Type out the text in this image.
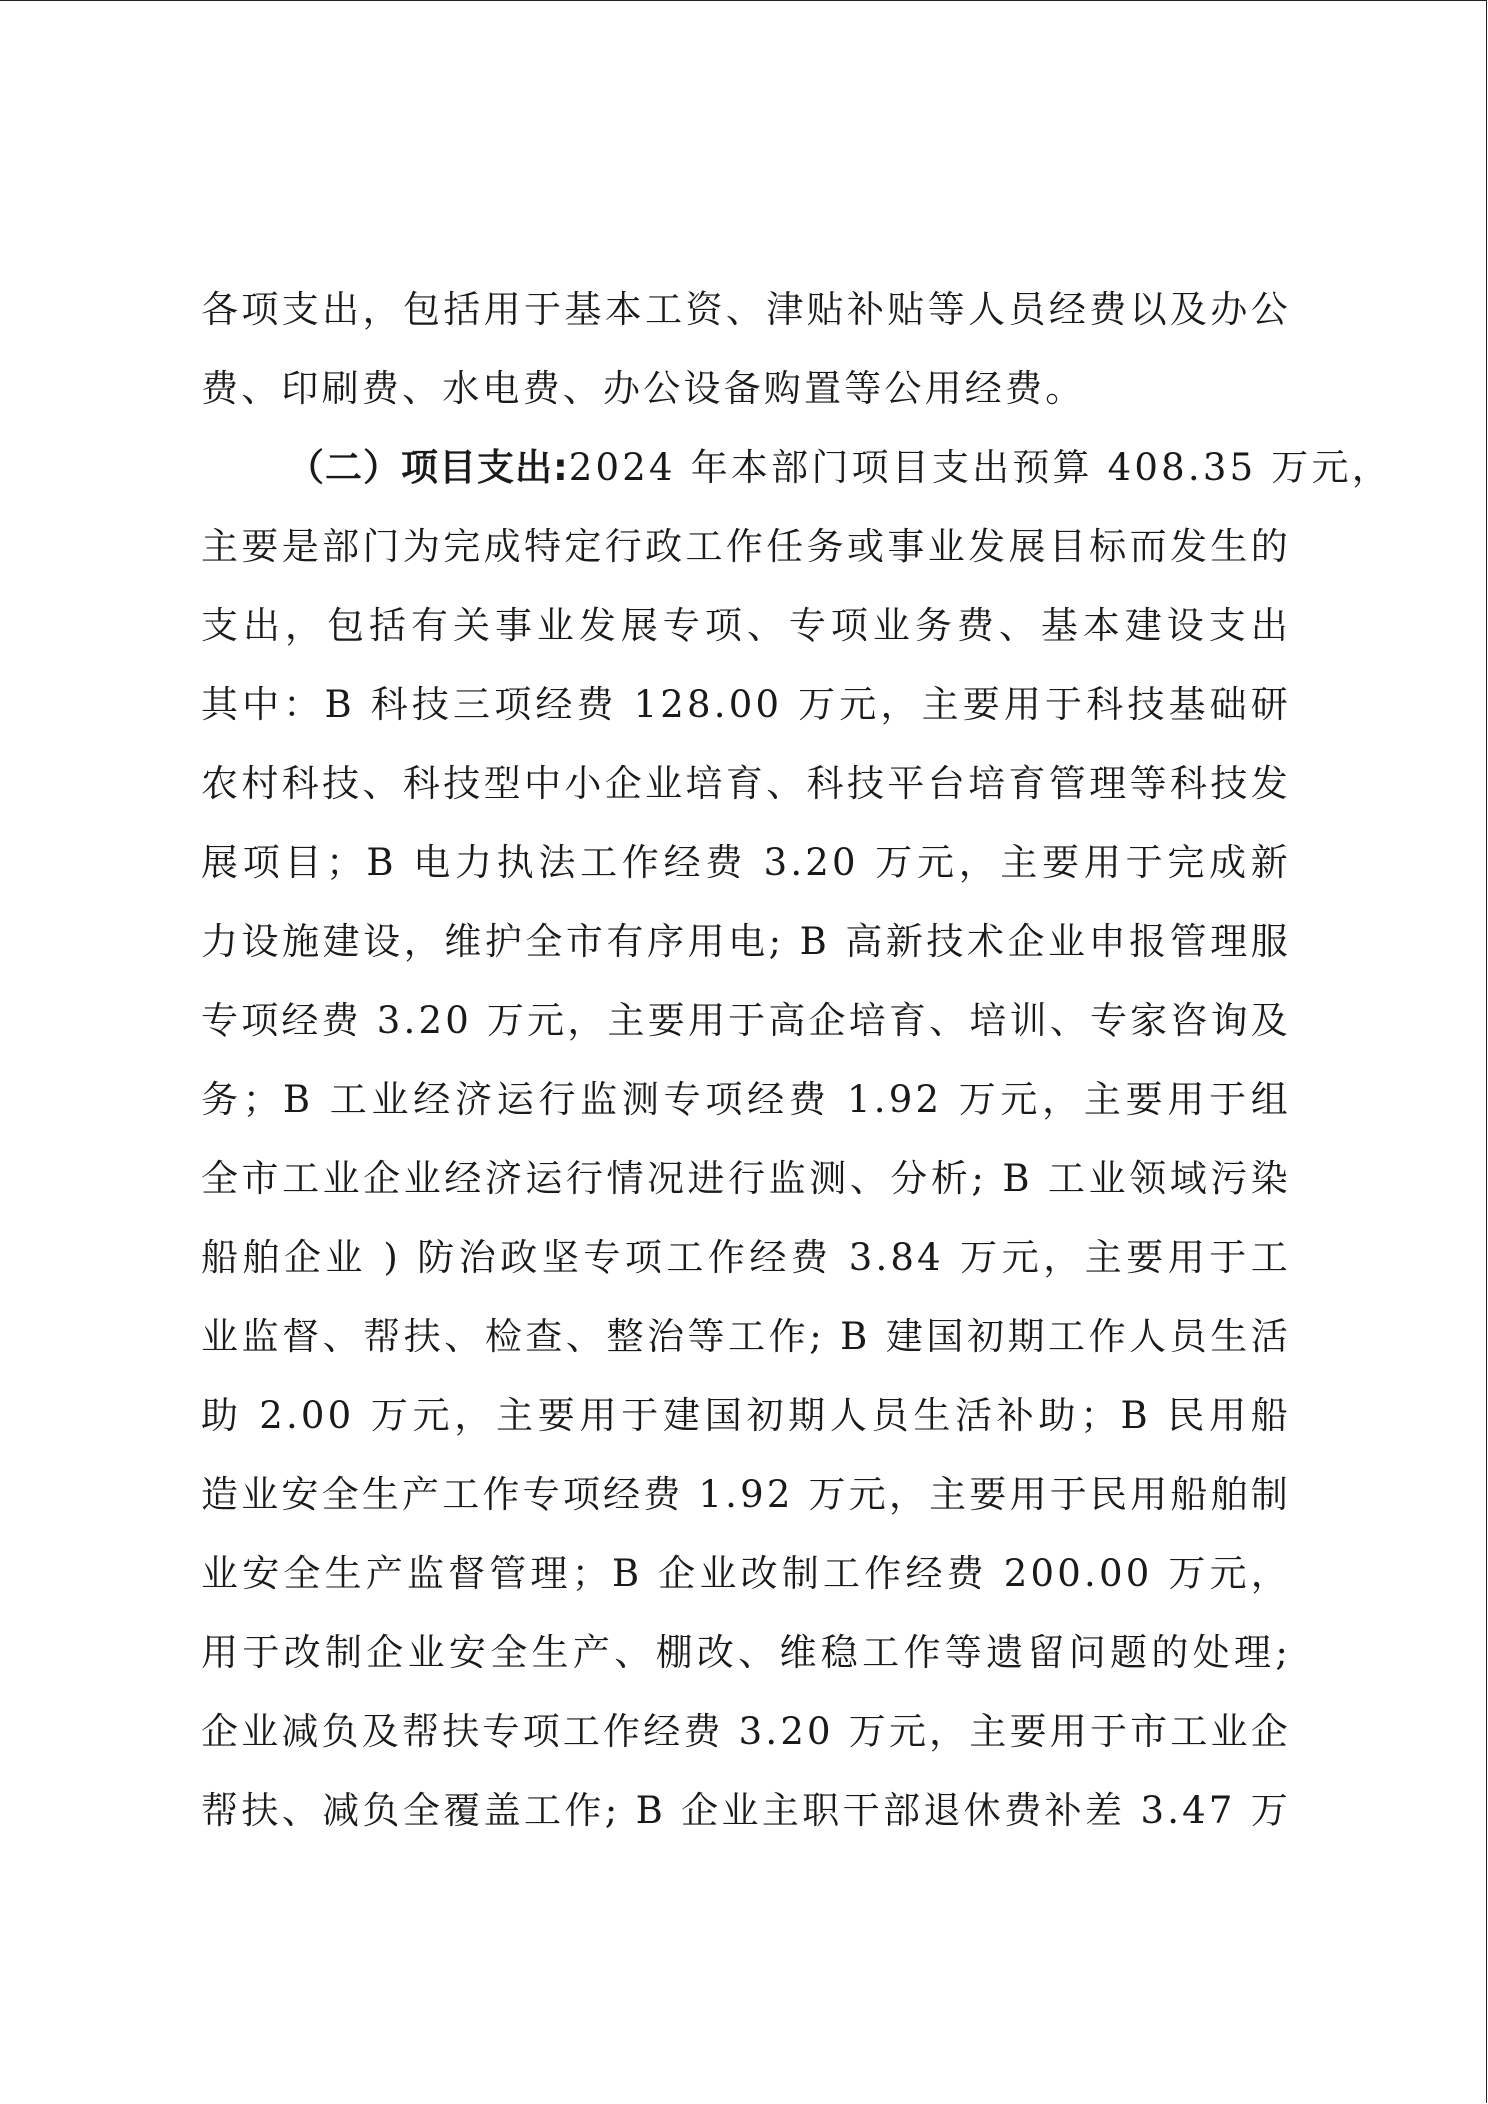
各项支出，包括用于基本工资、津贴补贴等人员经费以及办公
费、印刷费、水电费、办公设备购置等公用经费。
（二）项目支出:2024 年本部门项目支出预算 408.35 万元，
主要是部门为完成特定行政工作任务或事业发展目标而发生的
支出，包括有关事业发展专项、专项业务费、基本建设支出
其中：B 科技三项经费 128.00 万元，主要用于科技基础研
农村科技、科技型中小企业培育、科技平台培育管理等科技发
展项目；B 电力执法工作经费 3.20 万元，主要用于完成新
力设施建设，维护全市有序用电; B 高新技术企业申报管理服
专项经费 3.20 万元，主要用于高企培育、培训、专家咨询及
务；B 工业经济运行监测专项经费 1.92 万元，主要用于组
全市工业企业经济运行情况进行监测、分析; B 工业领域污染
船舶企业 ) 防治政坚专项工作经费 3.84 万元，主要用于工
业监督、帮扶、检查、整治等工作; B 建国初期工作人员生活
助 2.00 万元，主要用于建国初期人员生活补助；B 民用船
造业安全生产工作专项经费 1.92 万元，主要用于民用船舶制
业安全生产监督管理；B 企业改制工作经费 200.00 万元，
用于改制企业安全生产、棚改、维稳工作等遗留问题的处理;
企业减负及帮扶专项工作经费 3.20 万元，主要用于市工业企
帮扶、减负全覆盖工作; B 企业主职干部退休费补差 3.47 万
